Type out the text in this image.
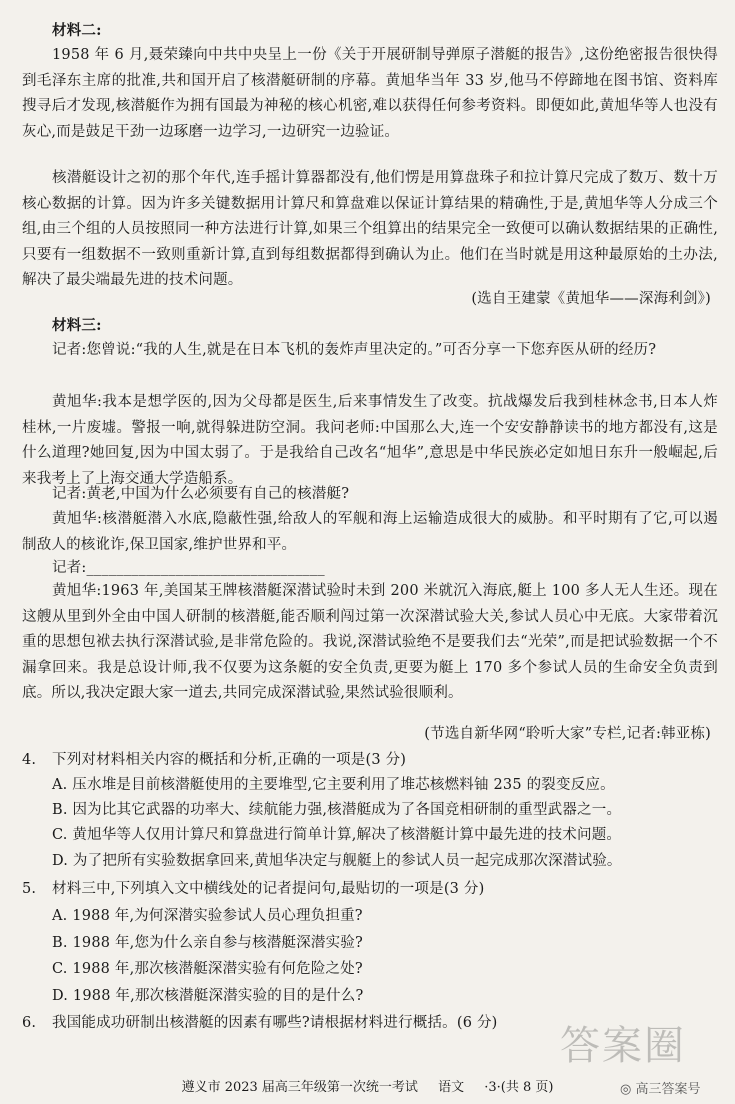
材料二:

1958 年 6 月,聂荣臻向中共中央呈上一份《关于开展研制导弹原子潜艇的报告》,这份绝密报告很快得到毛泽东主席的批准,共和国开启了核潜艇研制的序幕。黄旭华当年 33 岁,他马不停蹄地在图书馆、资料库搜寻后才发现,核潜艇作为拥有国最为神秘的核心机密,难以获得任何参考资料。即便如此,黄旭华等人也没有灰心,而是鼓足干劲一边琢磨一边学习,一边研究一边验证。

核潜艇设计之初的那个年代,连手摇计算器都没有,他们愣是用算盘珠子和拉计算尺完成了数万、数十万核心数据的计算。因为许多关键数据用计算尺和算盘难以保证计算结果的精确性,于是,黄旭华等人分成三个组,由三个组的人员按照同一种方法进行计算,如果三个组算出的结果完全一致便可以确认数据结果的正确性,只要有一组数据不一致则重新计算,直到每组数据都得到确认为止。他们在当时就是用这种最原始的土办法,解决了最尖端最先进的技术问题。

(选自王建蒙《黄旭华——深海利剑》)
材料三:

记者:您曾说:“我的人生,就是在日本飞机的轰炸声里决定的。”可否分享一下您弃医从研的经历?

黄旭华:我本是想学医的,因为父母都是医生,后来事情发生了改变。抗战爆发后我到桂林念书,日本人炸桂林,一片废墟。警报一响,就得躲进防空洞。我问老师:中国那么大,连一个安安静静读书的地方都没有,这是什么道理?她回复,因为中国太弱了。于是我给自己改名“旭华”,意思是中华民族必定如旭日东升一般崛起,后来我考上了上海交通大学造船系。

记者:黄老,中国为什么必须要有自己的核潜艇?

黄旭华:核潜艇潜入水底,隐蔽性强,给敌人的军舰和海上运输造成很大的威胁。和平时期有了它,可以遏制敌人的核讹诈,保卫国家,维护世界和平。

记者:________________________________

黄旭华:1963 年,美国某王牌核潜艇深潜试验时未到 200 米就沉入海底,艇上 100 多人无人生还。现在这艘从里到外全由中国人研制的核潜艇,能否顺利闯过第一次深潜试验大关,参试人员心中无底。大家带着沉重的思想包袱去执行深潜试验,是非常危险的。我说,深潜试验绝不是要我们去“光荣”,而是把试验数据一个不漏拿回来。我是总设计师,我不仅要为这条艇的安全负责,更要为艇上 170 多个参试人员的生命安全负责到底。所以,我决定跟大家一道去,共同完成深潜试验,果然试验很顺利。

(节选自新华网“聆听大家”专栏,记者:韩亚栋)
4. 下列对材料相关内容的概括和分析,正确的一项是(3 分)
A. 压水堆是目前核潜艇使用的主要堆型,它主要利用了堆芯核燃料铀 235 的裂变反应。
B. 因为比其它武器的功率大、续航能力强,核潜艇成为了各国竞相研制的重型武器之一。
C. 黄旭华等人仅用计算尺和算盘进行简单计算,解决了核潜艇计算中最先进的技术问题。
D. 为了把所有实验数据拿回来,黄旭华决定与舰艇上的参试人员一起完成那次深潜试验。
5. 材料三中,下列填入文中横线处的记者提问句,最贴切的一项是(3 分)
A. 1988 年,为何深潜实验参试人员心理负担重?
B. 1988 年,您为什么亲自参与核潜艇深潜实验?
C. 1988 年,那次核潜艇深潜实验有何危险之处?
D. 1988 年,那次核潜艇深潜实验的目的是什么?
6. 我国能成功研制出核潜艇的因素有哪些?请根据材料进行概括。(6 分)
遵义市 2023 届高三年级第一次统一考试 语文 ·3·(共 8 页)
答案圈
◎ 高三答案号
